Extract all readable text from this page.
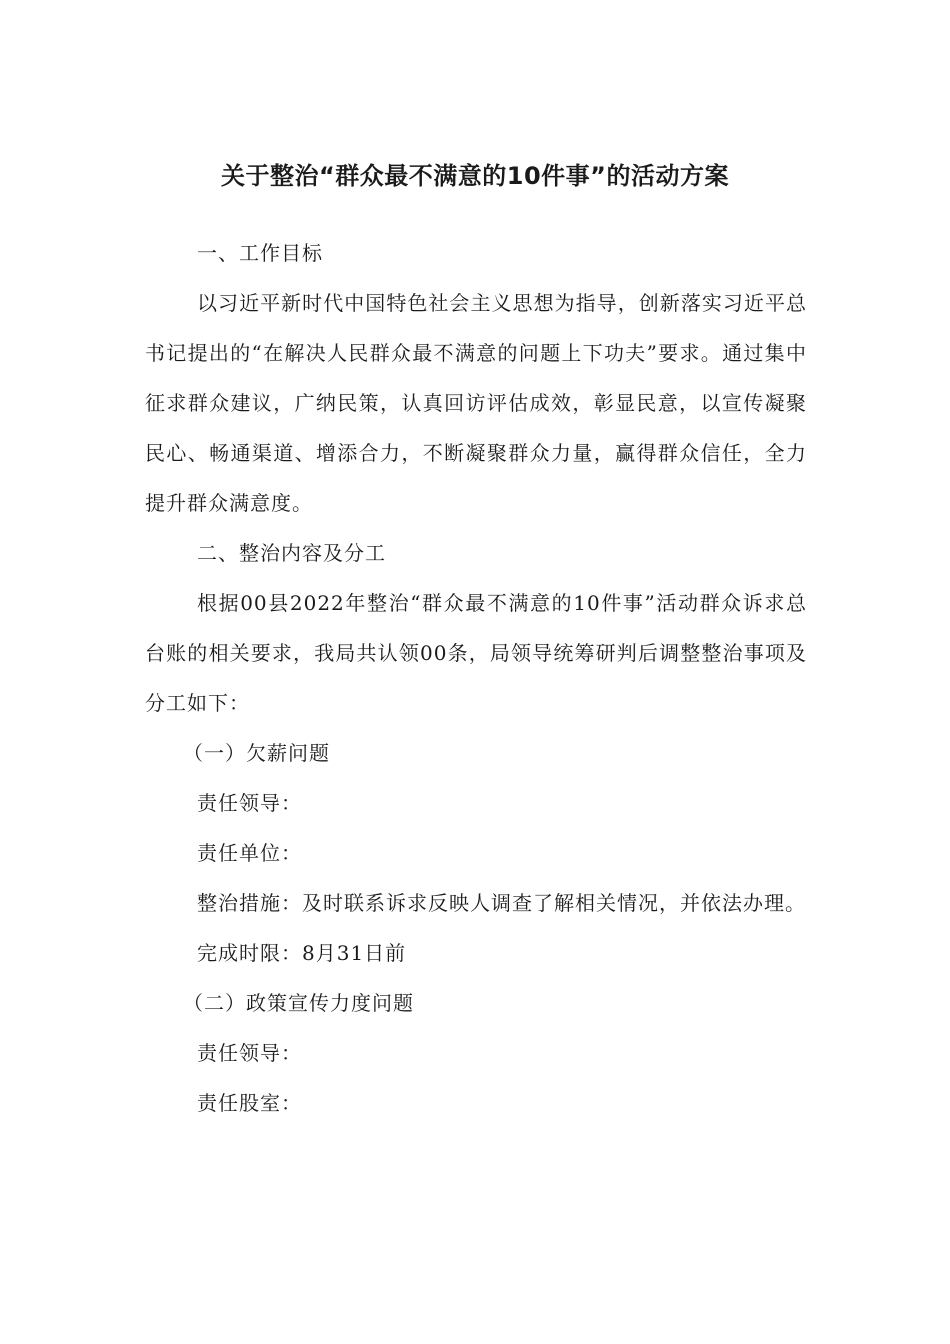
关于整治“群众最不满意的10件事”的活动方案

一、工作目标

以习近平新时代中国特色社会主义思想为指导，创新落实习近平总书记提出的“在解决人民群众最不满意的问题上下功夫”要求。通过集中征求群众建议，广纳民策，认真回访评估成效，彰显民意，以宣传凝聚民心、畅通渠道、增添合力，不断凝聚群众力量，赢得群众信任，全力提升群众满意度。

二、整治内容及分工

根据00县2022年整治“群众最不满意的10件事”活动群众诉求总台账的相关要求，我局共认领00条，局领导统筹研判后调整整治事项及分工如下：

（一）欠薪问题

责任领导：

责任单位：

整治措施：及时联系诉求反映人调查了解相关情况，并依法办理。

完成时限：8月31日前

（二）政策宣传力度问题

责任领导：

责任股室：
